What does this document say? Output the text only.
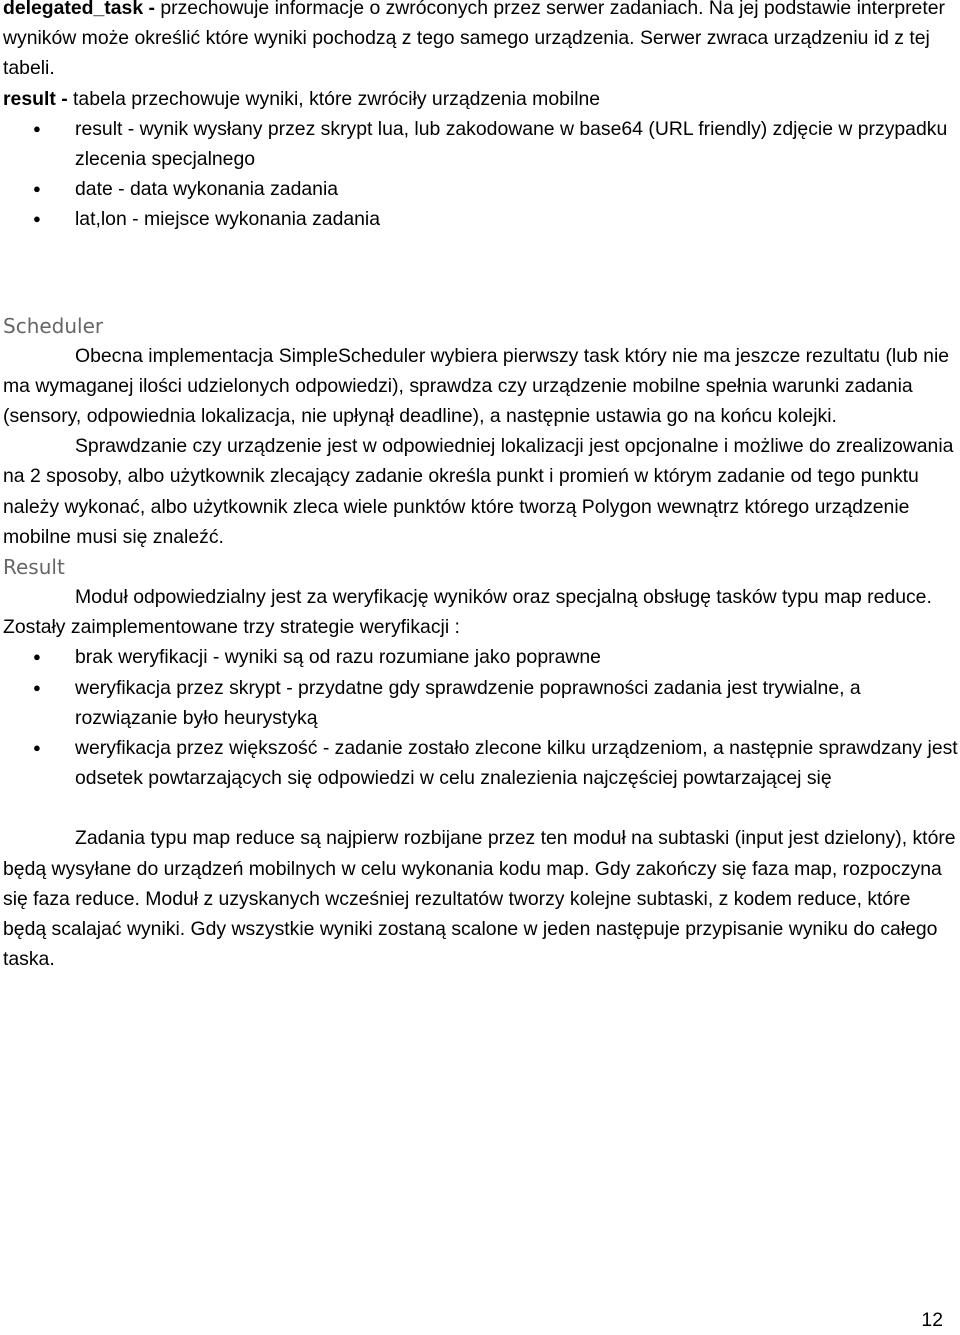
delegated_task - przechowuje informacje o zwróconych przez serwer zadaniach. Na jej podstawie interpreter wyników może określić które wyniki pochodzą z tego samego urządzenia. Serwer zwraca urządzeniu id z tej tabeli.

result - tabela przechowuje wyniki, które zwróciły urządzenia mobilne

● result - wynik wysłany przez skrypt lua, lub zakodowane w base64 (URL friendly) zdjęcie w przypadku zlecenia specjalnego
● date - data wykonania zadania
● lat,lon - miejsce wykonania zadania
Scheduler

Obecna implementacja SimpleScheduler wybiera pierwszy task który nie ma jeszcze rezultatu (lub nie ma wymaganej ilości udzielonych odpowiedzi), sprawdza czy urządzenie mobilne spełnia warunki zadania (sensory, odpowiednia lokalizacja, nie upłynął deadline), a następnie ustawia go na końcu kolejki.

Sprawdzanie czy urządzenie jest w odpowiedniej lokalizacji jest opcjonalne i możliwe do zrealizowania na 2 sposoby, albo użytkownik zlecający zadanie określa punkt i promień w którym zadanie od tego punktu należy wykonać, albo użytkownik zleca wiele punktów które tworzą Polygon wewnątrz którego urządzenie mobilne musi się znaleźć.

Result

Moduł odpowiedzialny jest za weryfikację wyników oraz specjalną obsługę tasków typu map reduce. Zostały zaimplementowane trzy strategie weryfikacji :

● brak weryfikacji - wyniki są od razu rozumiane jako poprawne
● weryfikacja przez skrypt - przydatne gdy sprawdzenie poprawności zadania jest trywialne, a rozwiązanie było heurystyką
● weryfikacja przez większość - zadanie zostało zlecone kilku urządzeniom, a następnie sprawdzany jest odsetek powtarzających się odpowiedzi w celu znalezienia najczęściej powtarzającej się

Zadania typu map reduce są najpierw rozbijane przez ten moduł na subtaski (input jest dzielony), które będą wysyłane do urządzeń mobilnych w celu wykonania kodu map. Gdy zakończy się faza map, rozpoczyna się faza reduce. Moduł z uzyskanych wcześniej rezultatów tworzy kolejne subtaski, z kodem reduce, które będą scalajać wyniki. Gdy wszystkie wyniki zostaną scalone w jeden następuje przypisanie wyniku do całego taska.

12
